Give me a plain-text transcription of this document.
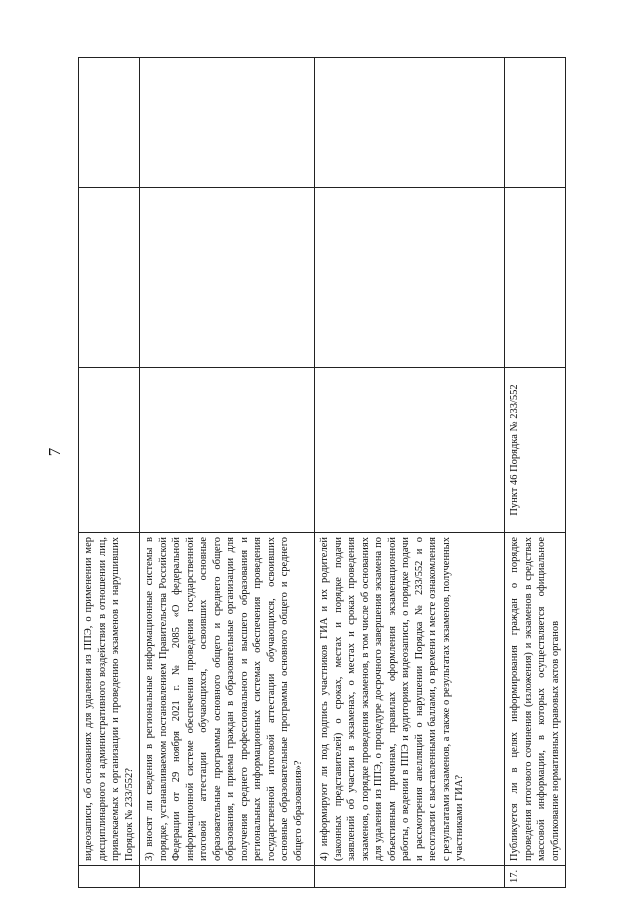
7

	видеозаписи, об основаниях для удаления из ППЭ, о применении мер дисциплинарного и административного воздействия в отношении лиц, привлекаемых к организации и проведению экзаменов и нарушивших Порядок № 233/552?			

	3) вносят ли сведения в региональные информационные системы в порядке, устанавливаемом постановлением Правительства Российской Федерации от 29 ноября 2021 г. № 2085 «О федеральной информационной системе обеспечения проведения государственной итоговой аттестации обучающихся, освоивших основные образовательные программы основного общего и среднего общего образования, и приема граждан в образовательные организации для получения среднего профессионального и высшего образования и региональных информационных системах обеспечения проведения государственной итоговой аттестации обучающихся, освоивших основные образовательные программы основного общего и среднего общего образования»?			

	4) информируют ли под подпись участников ГИА и их родителей (законных представителей) о сроках, местах и порядке подачи заявлений об участии в экзаменах, о местах и сроках проведения экзаменов, о порядке проведения экзаменов, в том числе об основаниях для удаления из ППЭ, о процедуре досрочного завершения экзамена по объективным причинам, правилах оформления экзаменационной работы, о ведении в ППЭ и аудиториях видеозаписи, о порядке подачи и рассмотрения апелляций о нарушении Порядка № 233/552 и о несогласии с выставленными баллами, о времени и месте ознакомления с результатами экзаменов, а также о результатах экзаменов, полученных участниками ГИА?			

17.	Публикуется ли в целях информирования граждан о порядке проведения итогового сочинения (изложения) и экзаменов в средствах массовой информации, в которых осуществляется официальное опубликование нормативных правовых актов органов	Пункт 46 Порядка № 233/552		
